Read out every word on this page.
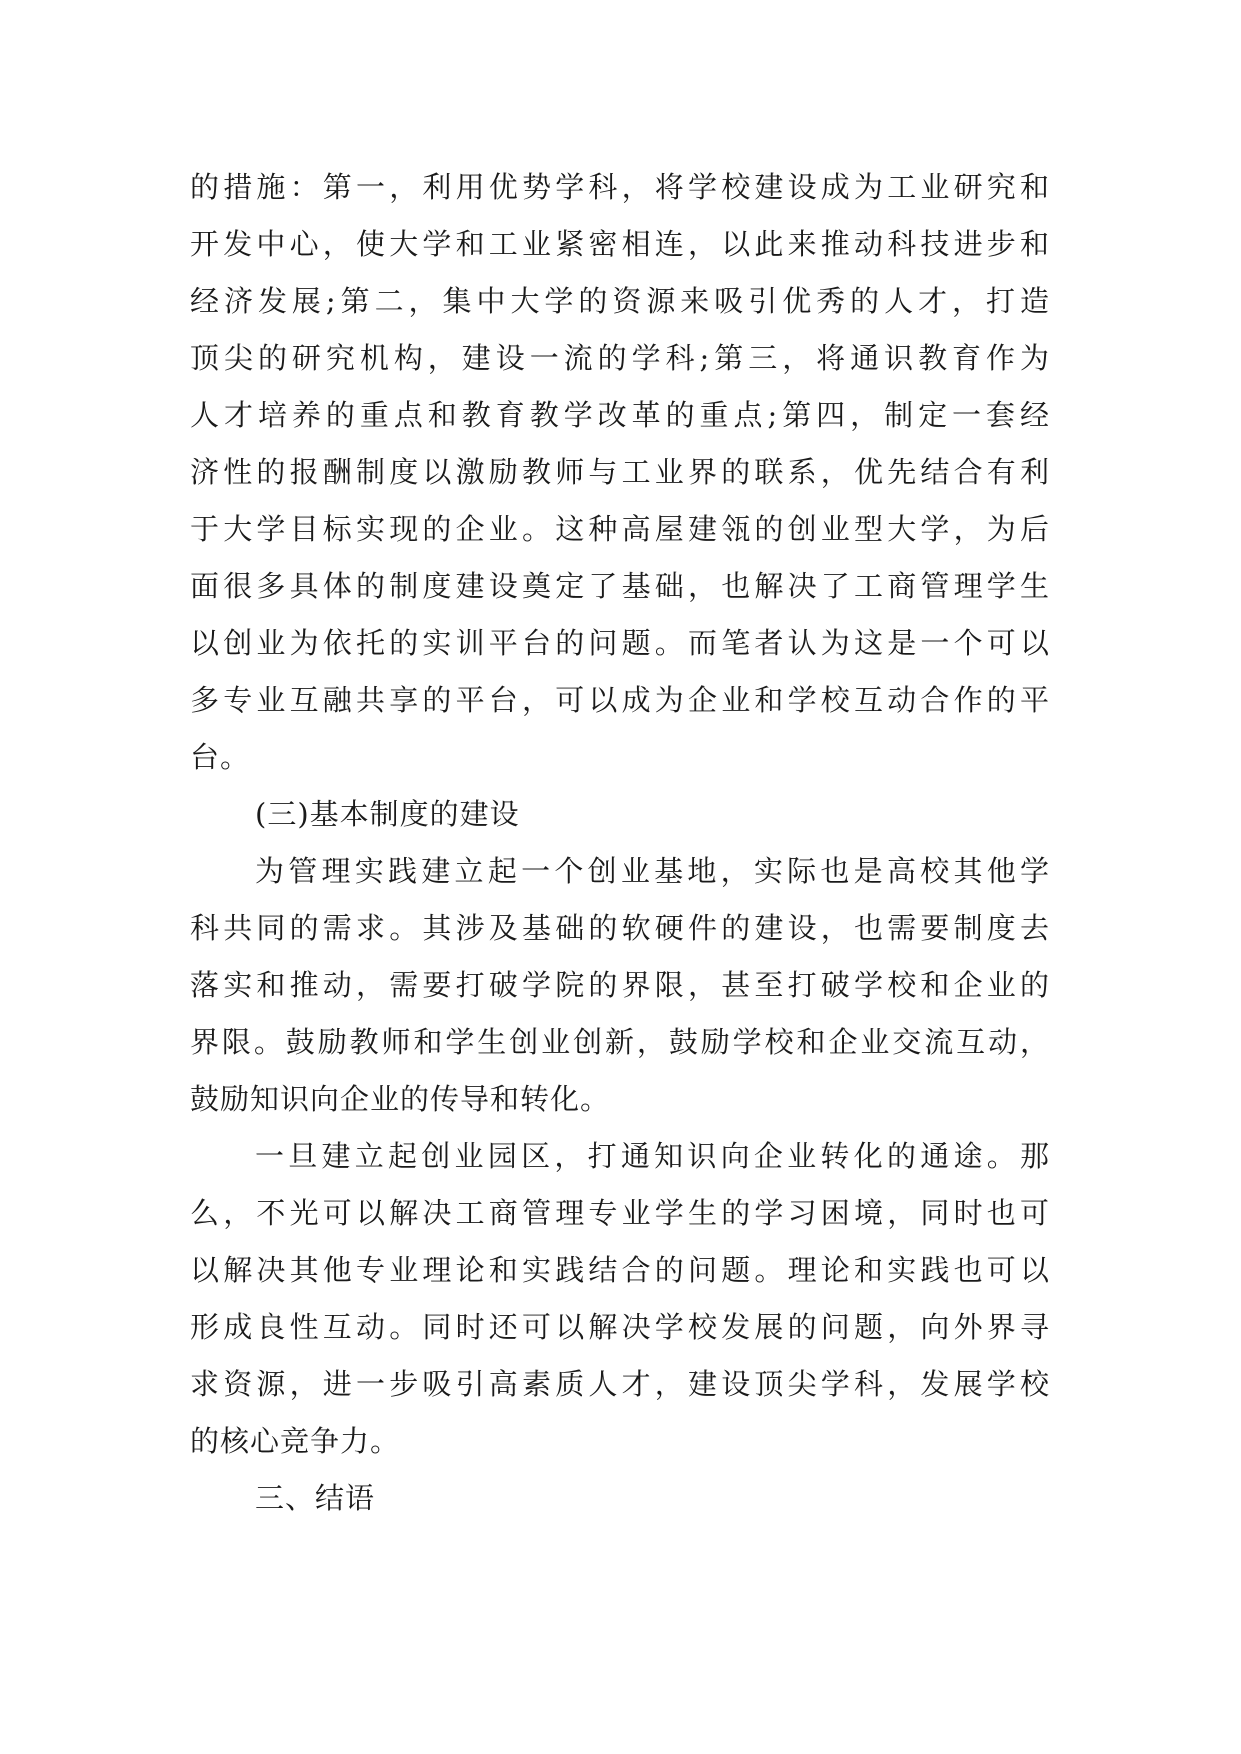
的措施：第一，利用优势学科，将学校建设成为工业研究和
开发中心，使大学和工业紧密相连，以此来推动科技进步和
经济发展;第二，集中大学的资源来吸引优秀的人才，打造
顶尖的研究机构，建设一流的学科;第三，将通识教育作为
人才培养的重点和教育教学改革的重点;第四，制定一套经
济性的报酬制度以激励教师与工业界的联系，优先结合有利
于大学目标实现的企业。这种高屋建瓴的创业型大学，为后
面很多具体的制度建设奠定了基础，也解决了工商管理学生
以创业为依托的实训平台的问题。而笔者认为这是一个可以
多专业互融共享的平台，可以成为企业和学校互动合作的平
台。
(三)基本制度的建设
为管理实践建立起一个创业基地，实际也是高校其他学
科共同的需求。其涉及基础的软硬件的建设，也需要制度去
落实和推动，需要打破学院的界限，甚至打破学校和企业的
界限。鼓励教师和学生创业创新，鼓励学校和企业交流互动，
鼓励知识向企业的传导和转化。
一旦建立起创业园区，打通知识向企业转化的通途。那
么，不光可以解决工商管理专业学生的学习困境，同时也可
以解决其他专业理论和实践结合的问题。理论和实践也可以
形成良性互动。同时还可以解决学校发展的问题，向外界寻
求资源，进一步吸引高素质人才，建设顶尖学科，发展学校
的核心竞争力。
三、结语
